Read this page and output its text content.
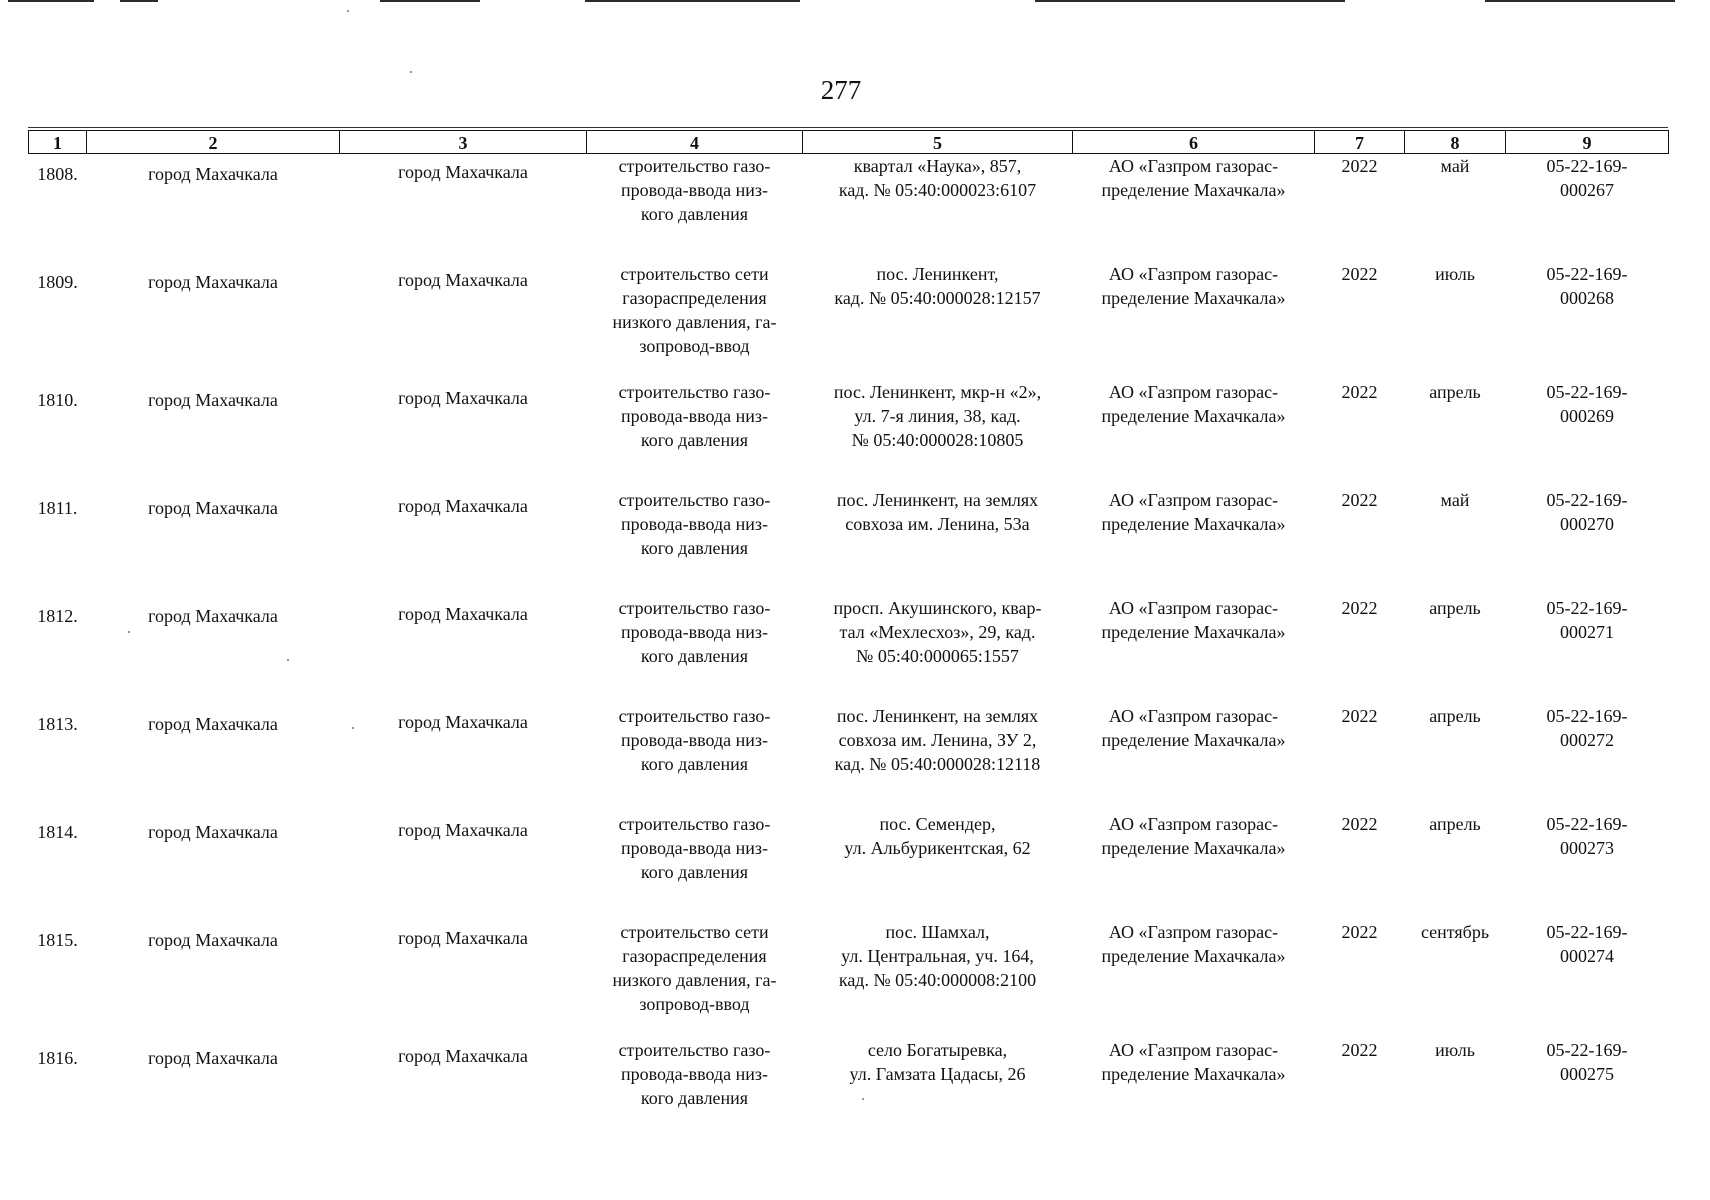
277
1	2	3	4	5	6	7	8	9
1808.	город Махачкала	город Махачкала	строительство газо-
провода-ввода низ-
кого давления	квартал «Наука», 857,
кад. № 05:40:000023:6107	АО «Газпром газорас-
пределение Махачкала»	2022	май	05-22-169-
000267
1809.	город Махачкала	город Махачкала	строительство сети
газораспределения
низкого давления, га-
зопровод-ввод	пос. Ленинкент,
кад. № 05:40:000028:12157	АО «Газпром газорас-
пределение Махачкала»	2022	июль	05-22-169-
000268
1810.	город Махачкала	город Махачкала	строительство газо-
провода-ввода низ-
кого давления	пос. Ленинкент, мкр-н «2»,
ул. 7-я линия, 38, кад.
№ 05:40:000028:10805	АО «Газпром газорас-
пределение Махачкала»	2022	апрель	05-22-169-
000269
1811.	город Махачкала	город Махачкала	строительство газо-
провода-ввода низ-
кого давления	пос. Ленинкент, на землях
совхоза им. Ленина, 53а	АО «Газпром газорас-
пределение Махачкала»	2022	май	05-22-169-
000270
1812.	город Махачкала	город Махачкала	строительство газо-
провода-ввода низ-
кого давления	просп. Акушинского, квар-
тал «Мехлесхоз», 29, кад.
№ 05:40:000065:1557	АО «Газпром газорас-
пределение Махачкала»	2022	апрель	05-22-169-
000271
1813.	город Махачкала	город Махачкала	строительство газо-
провода-ввода низ-
кого давления	пос. Ленинкент, на землях
совхоза им. Ленина, ЗУ 2,
кад. № 05:40:000028:12118	АО «Газпром газорас-
пределение Махачкала»	2022	апрель	05-22-169-
000272
1814.	город Махачкала	город Махачкала	строительство газо-
провода-ввода низ-
кого давления	пос. Семендер,
ул. Альбурикентская, 62	АО «Газпром газорас-
пределение Махачкала»	2022	апрель	05-22-169-
000273
1815.	город Махачкала	город Махачкала	строительство сети
газораспределения
низкого давления, га-
зопровод-ввод	пос. Шамхал,
ул. Центральная, уч. 164,
кад. № 05:40:000008:2100	АО «Газпром газорас-
пределение Махачкала»	2022	сентябрь	05-22-169-
000274
1816.	город Махачкала	город Махачкала	строительство газо-
провода-ввода низ-
кого давления	село Богатыревка,
ул. Гамзата Цадасы, 26	АО «Газпром газорас-
пределение Махачкала»	2022	июль	05-22-169-
000275
